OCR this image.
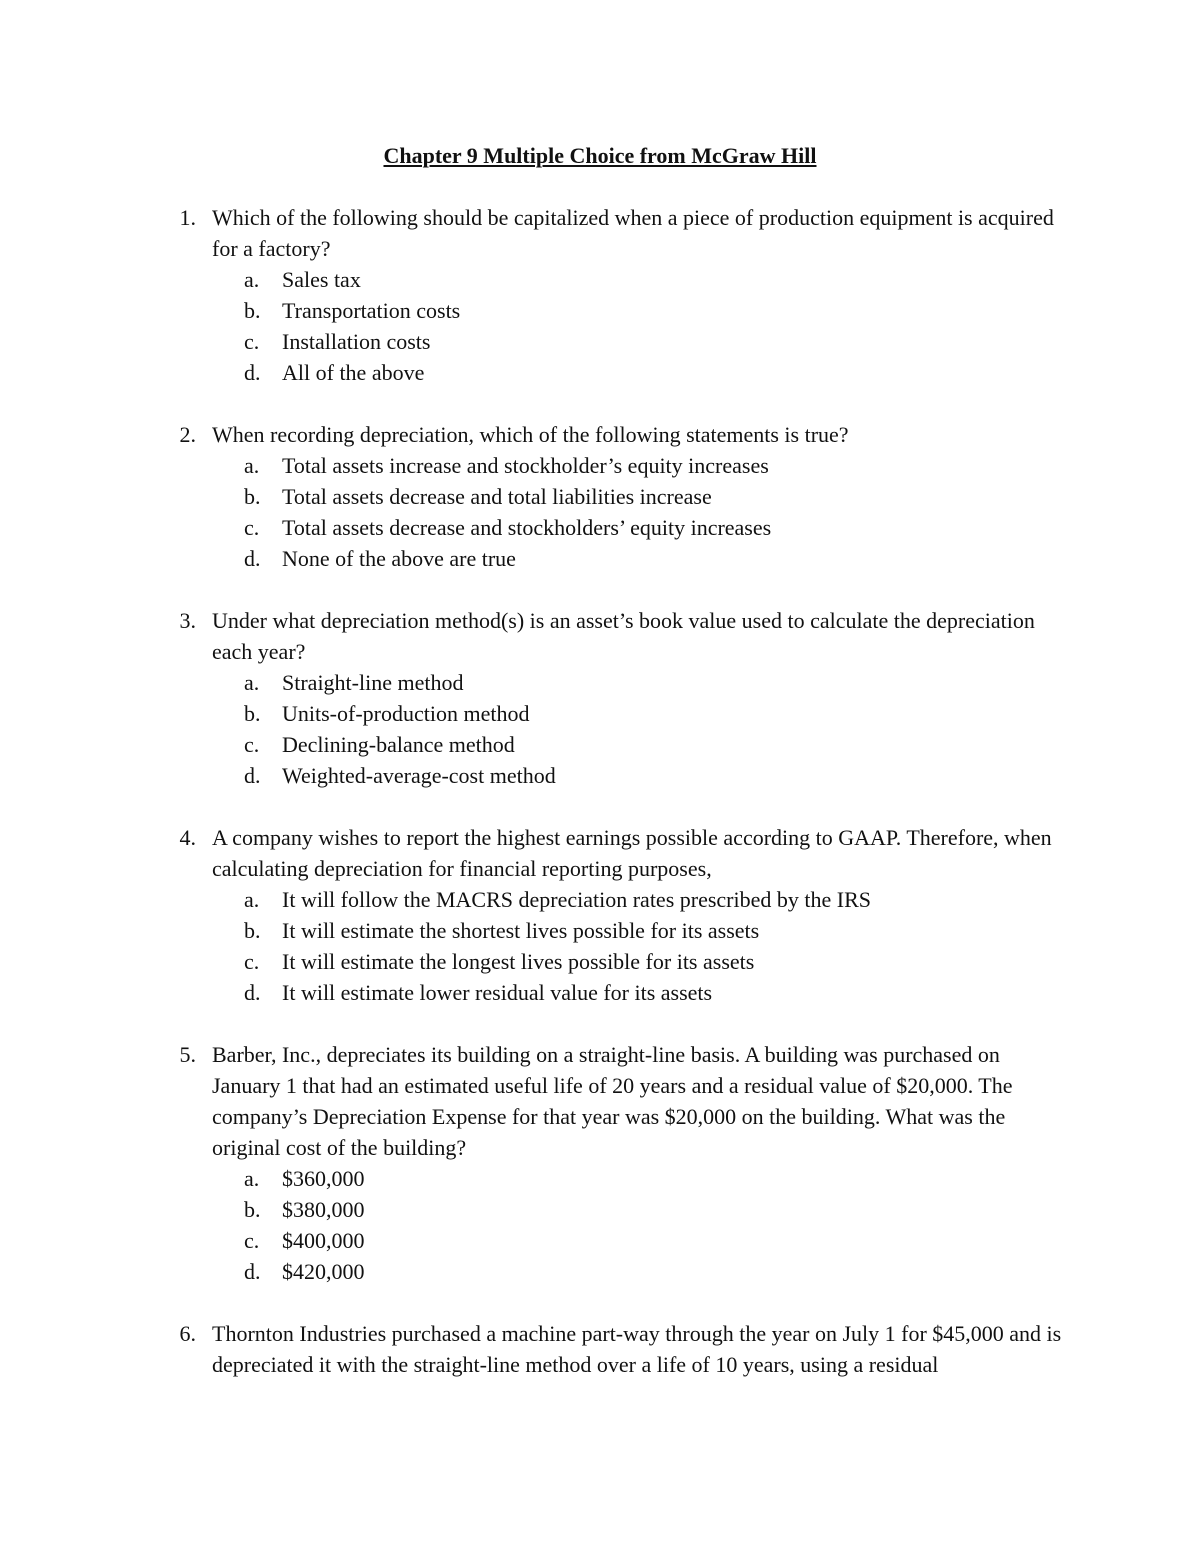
Chapter 9 Multiple Choice from McGraw Hill
1. Which of the following should be capitalized when a piece of production equipment is acquired for a factory?
a. Sales tax
b. Transportation costs
c. Installation costs
d. All of the above
2. When recording depreciation, which of the following statements is true?
a. Total assets increase and stockholder’s equity increases
b. Total assets decrease and total liabilities increase
c. Total assets decrease and stockholders’ equity increases
d. None of the above are true
3. Under what depreciation method(s) is an asset’s book value used to calculate the depreciation each year?
a. Straight-line method
b. Units-of-production method
c. Declining-balance method
d. Weighted-average-cost method
4. A company wishes to report the highest earnings possible according to GAAP. Therefore, when calculating depreciation for financial reporting purposes,
a. It will follow the MACRS depreciation rates prescribed by the IRS
b. It will estimate the shortest lives possible for its assets
c. It will estimate the longest lives possible for its assets
d. It will estimate lower residual value for its assets
5. Barber, Inc., depreciates its building on a straight-line basis. A building was purchased on January 1 that had an estimated useful life of 20 years and a residual value of $20,000. The company’s Depreciation Expense for that year was $20,000 on the building. What was the original cost of the building?
a. $360,000
b. $380,000
c. $400,000
d. $420,000
6. Thornton Industries purchased a machine part-way through the year on July 1 for $45,000 and is depreciated it with the straight-line method over a life of 10 years, using a residual
